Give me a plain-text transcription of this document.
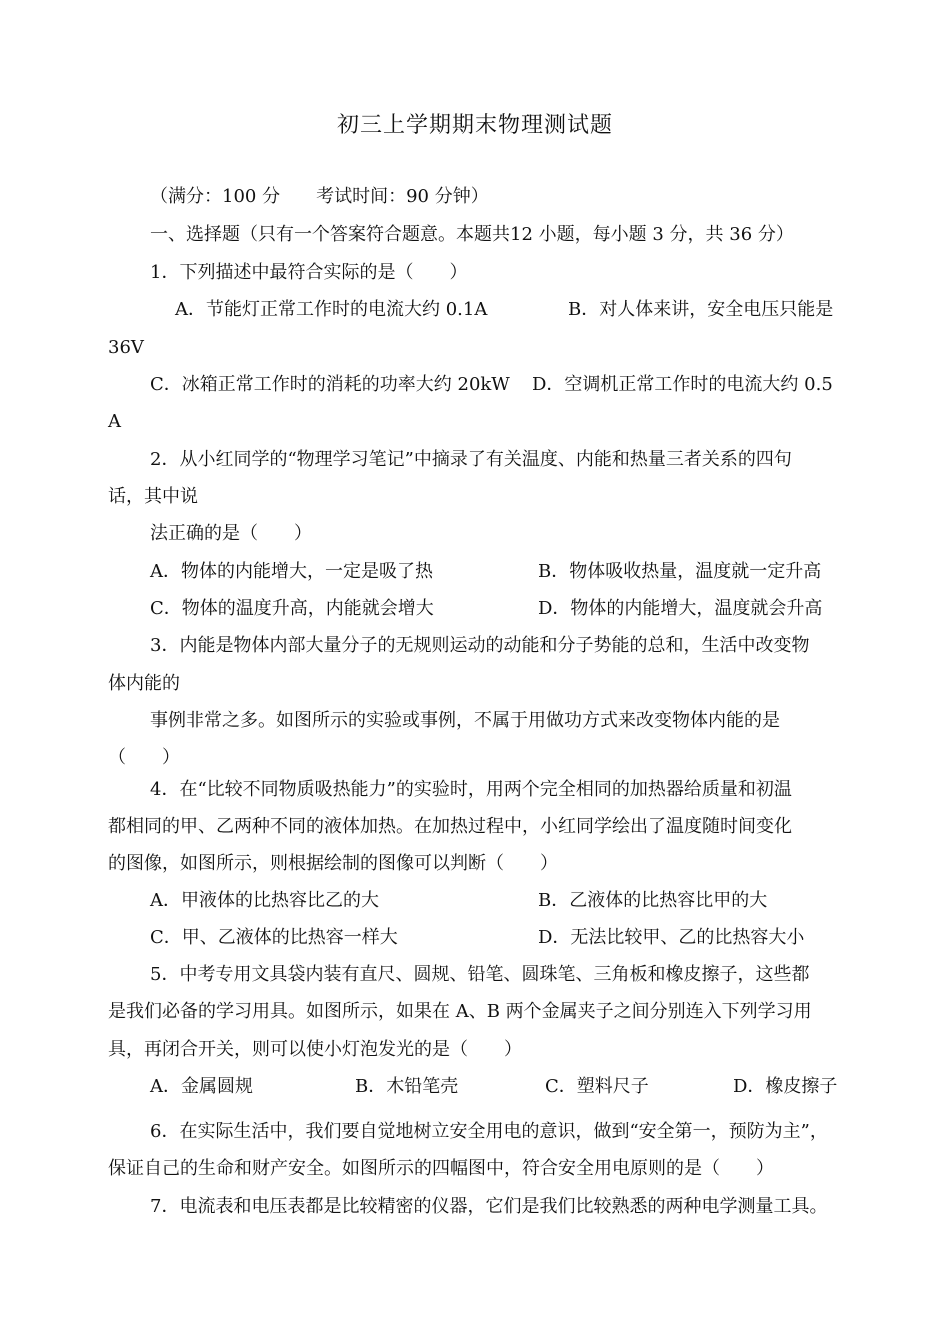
初三上学期期末物理测试题
（满分：100 分　　考试时间：90 分钟）
一、选择题（只有一个答案符合题意。本题共12 小题，每小题 3 分，共 36 分）
1．下列描述中最符合实际的是（　　）
A．节能灯正常工作时的电流大约 0.1A	B．对人体来讲，安全电压只能是
36V
C．冰箱正常工作时的消耗的功率大约 20kW D．空调机正常工作时的电流大约 0.5
A
2．从小红同学的“物理学习笔记”中摘录了有关温度、内能和热量三者关系的四句
话，其中说
法正确的是（　　）
A．物体的内能增大，一定是吸了热	B．物体吸收热量，温度就一定升高
C．物体的温度升高，内能就会增大	D．物体的内能增大，温度就会升高
3．内能是物体内部大量分子的无规则运动的动能和分子势能的总和，生活中改变物
体内能的
事例非常之多。如图所示的实验或事例，不属于用做功方式来改变物体内能的是
（　　）
4．在“比较不同物质吸热能力”的实验时，用两个完全相同的加热器给质量和初温
都相同的甲、乙两种不同的液体加热。在加热过程中，小红同学绘出了温度随时间变化
的图像，如图所示，则根据绘制的图像可以判断（　　）
A．甲液体的比热容比乙的大	B．乙液体的比热容比甲的大
C．甲、乙液体的比热容一样大	D．无法比较甲、乙的比热容大小
5．中考专用文具袋内装有直尺、圆规、铅笔、圆珠笔、三角板和橡皮擦子，这些都
是我们必备的学习用具。如图所示，如果在 A、B 两个金属夹子之间分别连入下列学习用
具，再闭合开关，则可以使小灯泡发光的是（　　）
A．金属圆规	B．木铅笔壳	C．塑料尺子	D．橡皮擦子
6．在实际生活中，我们要自觉地树立安全用电的意识，做到“安全第一，预防为主”，
保证自己的生命和财产安全。如图所示的四幅图中，符合安全用电原则的是（　　）
7．电流表和电压表都是比较精密的仪器，它们是我们比较熟悉的两种电学测量工具。
